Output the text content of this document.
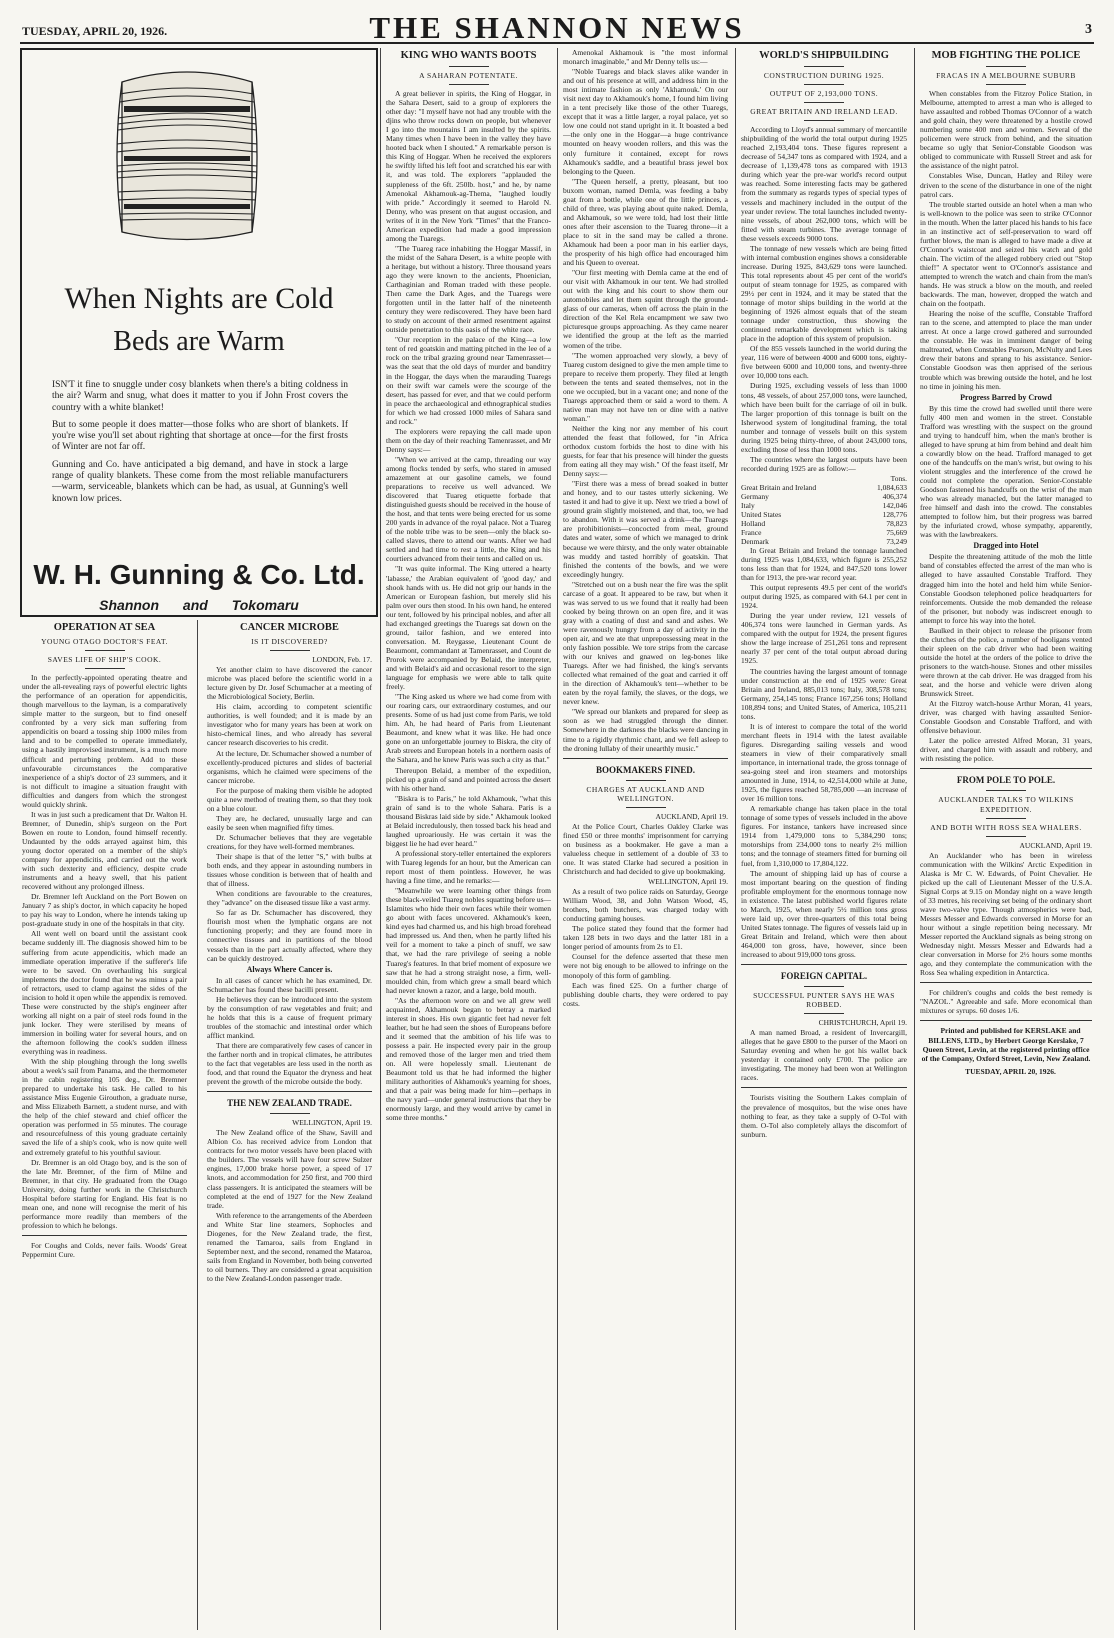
TUESDAY, APRIL 20, 1926.	THE SHANNON NEWS	3
When Nights are Cold
Beds are Warm

ISN'T it fine to snuggle under cosy blankets when there's a biting coldness in the air? Warm and snug, what does it matter to you if John Frost covers the country with a white blanket!

But to some people it does matter—those folks who are short of blankets. If you're wise you'll set about righting that shortage at once—for the first frosts of Winter are not far off.

Gunning and Co. have anticipated a big demand, and have in stock a large range of quality blankets. These come from the most reliable manufacturers—warm, serviceable, blankets which can be had, as usual, at Gunning's well known low prices.

W. H. Gunning & Co. Ltd.
Shannon and Tokomaru
OPERATION AT SEA
YOUNG OTAGO DOCTOR'S FEAT.
SAVES LIFE OF SHIP'S COOK.

In the perfectly-appointed operating theatre and under the all-revealing rays of powerful electric lights the performance of an operation for appendicitis, though marvellous to the layman, is a comparatively simple matter to the surgeon, but to find oneself confronted by a very sick man suffering from appendicitis on board a tossing ship 1000 miles from land and to be compelled to operate immediately, using a hastily improvised instrument, is a much more difficult and perturbing problem. Add to these unfavourable circumstances the comparative inexperience of a ship's doctor of 23 summers, and it is not difficult to imagine a situation fraught with difficulties and dangers from which the strongest would quickly shrink.

It was in just such a predicament that Dr. Walton H. Bremner, of Dunedin, ship's surgeon on the Port Bowen en route to London, found himself recently. Undaunted by the odds arrayed against him, this young doctor operated on a member of the ship's company for appendicitis, and carried out the work with such dexterity and efficiency, despite crude instruments and a heavy swell, that his patient recovered without any prolonged illness.

Dr. Bremner left Auckland on the Port Bowen on January 7 as ship's doctor, in which capacity he hoped to pay his way to London, where he intends taking up post-graduate study in one of the hospitals in that city.

All went well on board until the assistant cook became suddenly ill. The diagnosis showed him to be suffering from acute appendicitis, which made an immediate operation imperative if the sufferer's life were to be saved. On overhauling his surgical implements the doctor found that he was minus a pair of retractors, used to clamp against the sides of the incision to hold it open while the appendix is removed. These were constructed by the ship's engineer after working all night on a pair of steel rods found in the junk locker. They were sterilised by means of immersion in boiling water for several hours, and on the afternoon following the cook's sudden illness everything was in readiness.

With the ship ploughing through the long swells about a week's sail from Panama, and the thermometer in the cabin registering 105 deg., Dr. Bremner prepared to undertake his task. He called to his assistance Miss Eugenie Girouthon, a graduate nurse, and Miss Elizabeth Barnett, a student nurse, and with the help of the chief steward and chief officer the operation was performed in 55 minutes. The courage and resourcefulness of this young graduate certainly saved the life of a ship's cook, who is now quite well and extremely grateful to his youthful saviour.

Dr. Bremner is an old Otago boy, and is the son of the late Mr. Bremner, of the firm of Milne and Bremner, in that city. He graduated from the Otago University, doing further work in the Christchurch Hospital before starting for England. His feat is no mean one, and none will recognise the merit of his performance more readily than members of the profession to which he belongs.

For Coughs and Colds, never fails. Woods' Great Peppermint Cure.

CANCER MICROBE
IS IT DISCOVERED?

LONDON, Feb. 17.

Yet another claim to have discovered the cancer microbe was placed before the scientific world in a lecture given by Dr. Josef Schumacher at a meeting of the Microbiological Society, Berlin.

His claim, according to competent scientific authorities, is well founded; and it is made by an investigator who for many years has been at work on histo-chemical lines, and who already has several cancer research discoveries to his credit.

At the lecture, Dr. Schumacher showed a number of excellently-produced pictures and slides of bacterial organisms, which he claimed were specimens of the cancer microbe.

For the purpose of making them visible he adopted quite a new method of treating them, so that they took on a blue colour.

They are, he declared, unusually large and can easily be seen when magnified fifty times.

Dr. Schumacher believes that they are vegetable creations, for they have well-formed membranes.

Their shape is that of the letter "S," with bulbs at both ends, and they appear in astounding numbers in tissues whose condition is between that of health and that of illness.

When conditions are favourable to the creatures, they "advance" on the diseased tissue like a vast army.

So far as Dr. Schumacher has discovered, they flourish most when the lymphatic organs are not functioning properly; and they are found more in connective tissues and in partitions of the blood vessels than in the part actually affected, where they can be quickly destroyed.

Always Where Cancer is.

In all cases of cancer which he has examined, Dr. Schumacher has found these bacilli present.

He believes they can be introduced into the system by the consumption of raw vegetables and fruit; and he holds that this is a cause of frequent primary troubles of the stomachic and intestinal order which afflict mankind.

That there are comparatively few cases of cancer in the farther north and in tropical climates, he attributes to the fact that vegetables are less used in the north as food, and that round the Equator the dryness and heat prevent the growth of the microbe outside the body.

THE NEW ZEALAND TRADE.

WELLINGTON, April 19.

The New Zealand office of the Shaw, Savill and Albion Co. has received advice from London that contracts for two motor vessels have been placed with the builders. The vessels will have four screw Sulzer engines, 17,000 brake horse power, a speed of 17 knots, and accommodation for 250 first, and 700 third class passengers. It is anticipated the steamers will be completed at the end of 1927 for the New Zealand trade.

With reference to the arrangements of the Aberdeen and White Star line steamers, Sophocles and Diogenes, for the New Zealand trade, the first, renamed the Tamaroa, sails from England in September next, and the second, renamed the Mataroa, sails from England in November, both being converted to oil burners. They are considered a great acquisition to the New Zealand-London passenger trade.

KING WHO WANTS BOOTS
A SAHARAN POTENTATE.

A great believer in spirits, the King of Hoggar, in the Sahara Desert, said to a group of explorers the other day: "I myself have not had any trouble with the djins who throw rocks down on people, but whenever I go into the mountains I am insulted by the spirits. Many times when I have been in the valley they have hooted back when I shouted." A remarkable person is this King of Hoggar. When he received the explorers he swiftly lifted his left foot and scratched his ear with it, and was told. The explorers "applauded the suppleness of the 6ft. 250lb. host," and he, by name Amenokal Akhamouk-ag-Thema, "laughed loudly with pride." Accordingly it seemed to Harold N. Denny, who was present on that august occasion, and writes of it in the New York "Times" that the Franco-American expedition had made a good impression among the Tuaregs.

"The Tuareg race inhabiting the Hoggar Massif, in the midst of the Sahara Desert, is a white people with a heritage, but without a history. Three thousand years ago they were known to the ancients, Phoenician, Carthaginian and Roman traded with these people. Then came the Dark Ages, and the Tuaregs were forgotten until in the latter half of the nineteenth century they were rediscovered. They have been hard to study on account of their armed resentment against outside penetration to this oasis of the white race.

"Our reception in the palace of the King—a low tent of red goatskin and matting pitched in the lee of a rock on the tribal grazing ground near Tamenrasset—was the seat that the old days of murder and banditry in the Hoggar, the days when the marauding Tuaregs on their swift war camels were the scourge of the desert, has passed for ever, and that we could perform in peace the archaeological and ethnographical studies for which we had crossed 1000 miles of Sahara sand and rock."

The explorers were repaying the call made upon them on the day of their reaching Tamenrasset, and Mr Denny says:—

"When we arrived at the camp, threading our way among flocks tended by serfs, who stared in amused amazement at our gasoline camels, we found preparations to receive us well advanced. We discovered that Tuareg etiquette forbade that distinguished guests should be received in the house of the host, and that tents were being erected for us some 200 yards in advance of the royal palace. Not a Tuareg of the noble tribe was to be seen—only the black so-called slaves, there to attend our wants. After we had settled and had time to rest a little, the King and his courtiers advanced from their tents and called on us.

"It was quite informal. The King uttered a hearty 'labasse,' the Arabian equivalent of 'good day,' and shook hands with us. He did not grip our hands in the American or European fashion, but merely slid his palm over ours then stood. In his own hand, he entered our tent, followed by his principal nobles, and after all had exchanged greetings the Tuaregs sat down on the ground, tailor fashion, and we entered into conversation. M. Reygasse, Lieutenant Count de Beaumont, commandant at Tamenrasset, and Count de Prorok were accompanied by Belaid, the interpreter, and with Belaid's aid and occasional resort to the sign language for emphasis we were able to talk quite freely.

"The King asked us where we had come from with our roaring cars, our extraordinary costumes, and our presents. Some of us had just come from Paris, we told him. Ah, he had heard of Paris from Lieutenant Beaumont, and knew what it was like. He had once gone on an unforgettable journey to Biskra, the city of Arab streets and European hotels in a northern oasis of the Sahara, and he knew Paris was such a city as that."

Thereupon Belaid, a member of the expedition, picked up a grain of sand and pointed across the desert with his other hand.

"Biskra is to Paris," he told Akhamouk, "what this grain of sand is to the whole Sahara. Paris is a thousand Biskras laid side by side." Akhamouk looked at Belaid incredulously, then tossed back his head and laughed uproariously. He was certain it was the biggest lie he had ever heard."

A professional story-teller entertained the explorers with Tuareg legends for an hour, but the American can report most of them pointless. However, he was having a fine time, and he remarks:—

"Meanwhile we were learning other things from these black-veiled Tuareg nobles squatting before us—Islamites who hide their own faces while their women go about with faces uncovered. Akhamouk's keen, kind eyes had charmed us, and his high broad forehead had impressed us. And then, when he partly lifted his veil for a moment to take a pinch of snuff, we saw that, we had the rare privilege of seeing a noble Tuareg's features. In that brief moment of exposure we saw that he had a strong straight nose, a firm, well-moulded chin, from which grew a small beard which had never known a razor, and a large, bold mouth.

"As the afternoon wore on and we all grew well acquainted, Akhamouk began to betray a marked interest in shoes. His own gigantic feet had never felt leather, but he had seen the shoes of Europeans before and it seemed that the ambition of his life was to possess a pair. He inspected every pair in the group and removed those of the larger men and tried them on. All were hopelessly small. Lieutenant de Beaumont told us that he had informed the higher military authorities of Akhamouk's yearning for shoes, and that a pair was being made for him—perhaps in the navy yard—under general instructions that they be enormously large, and they would arrive by camel in some three months."

Amenokal Akhamouk is "the most informal monarch imaginable," and Mr Denny tells us:—

"Noble Tuaregs and black slaves alike wander in and out of his presence at will, and address him in the most intimate fashion as only 'Akhamouk.' On our visit next day to Akhamouk's home, I found him living in a tent precisely like those of the other Tuaregs, except that it was a little larger, a royal palace, yet so low one could not stand upright in it. It boasted a bed—the only one in the Hoggar—a huge contrivance mounted on heavy wooden rollers, and this was the only furniture it contained, except for rows Akhamouk's saddle, and a beautiful brass jewel box belonging to the Queen.

"The Queen herself, a pretty, pleasant, but too buxom woman, named Demla, was feeding a baby goat from a bottle, while one of the little princes, a child of three, was playing about quite naked. Demla, and Akhamouk, so we were told, had lost their little ones after their ascension to the Tuareg throne—it a place to sit in the sand may be called a throne. Akhamouk had been a poor man in his earlier days, the prosperity of his high office had encouraged him and his Queen to overeat.

"Our first meeting with Demla came at the end of our visit with Akhamouk in our tent. We had strolled out with the king and his court to show them our automobiles and let them squint through the ground-glass of our cameras, when off across the plain in the direction of the Kel Rela encampment we saw two picturesque groups approaching. As they came nearer we identified the group at the left as the married women of the tribe.

"The women approached very slowly, a bevy of Tuareg custom designed to give the men ample time to prepare to receive them properly. They filed at length between the tents and seated themselves, not in the one we occupied, but in a vacant one; and none of the Tuaregs approached them or said a word to them. A native man may not have ten or dine with a native woman."

Neither the king nor any member of his court attended the feast that followed, for "in Africa orthodox custom forbids the host to dine with his guests, for fear that his presence will hinder the guests from eating all they may wish." Of the feast itself, Mr Denny says:—

"First there was a mess of bread soaked in butter and honey, and to our tastes utterly sickening. We tasted it and had to give it up. Next we tried a bowl of ground grain slightly moistened, and that, too, we had to abandon. With it was served a drink—the Tuaregs are prohibitionists—concocted from meal, ground dates and water, some of which we managed to drink because we were thirsty, and the only water obtainable was muddy and tasted horribly of goatskin. That finished the contents of the bowls, and we were exceedingly hungry.

"Stretched out on a bush near the fire was the split carcase of a goat. It appeared to be raw, but when it was was served to us we found that it really had been cooked by being thrown on an open fire, and it was gray with a coating of dust and sand and ashes. We were ravenously hungry from a day of activity in the open air, and we ate that unprepossessing meat in the only fashion possible. We tore strips from the carcase with our knives and gnawed on leg-bones like Tuaregs. After we had finished, the king's servants collected what remained of the goat and carried it off in the direction of Akhamouk's tent—whether to be eaten by the royal family, the slaves, or the dogs, we never knew.

"We spread our blankets and prepared for sleep as soon as we had struggled through the dinner. Somewhere in the darkness the blacks were dancing in time to a rigidly rhythmic chant, and we fell asleep to the droning lullaby of their unearthly music."

BOOKMAKERS FINED.
CHARGES AT AUCKLAND AND WELLINGTON.

AUCKLAND, April 19.

At the Police Court, Charles Oakley Clarke was fined £50 or three months' imprisonment for carrying on business as a bookmaker. He gave a man a valueless cheque in settlement of a double of 33 to one. It was stated Clarke had secured a position in Christchurch and had decided to give up bookmaking.

WELLINGTON, April 19.

As a result of two police raids on Saturday, George William Wood, 38, and John Watson Wood, 45, brothers, both butchers, was charged today with conducting gaming houses.

The police stated they found that the former had taken 128 bets in two days and the latter 181 in a longer period of amounts from 2s to £1.

Counsel for the defence asserted that these men were not big enough to be allowed to infringe on the monopoly of this form of gambling.

Each was fined £25. On a further charge of publishing double charts, they were ordered to pay costs.

WORLD'S SHIPBUILDING
CONSTRUCTION DURING 1925.
OUTPUT OF 2,193,000 TONS.
GREAT BRITAIN AND IRELAND LEAD.

According to Lloyd's annual summary of mercantile shipbuilding of the world the total output during 1925 reached 2,193,404 tons. These figures represent a decrease of 54,347 tons as compared with 1924, and a decrease of 1,139,478 tons as compared with 1913 during which year the pre-war world's record output was reached. Some interesting facts may be gathered from the summary as regards types of special types of vessels and machinery included in the output of the year under review. The total launches included twenty-nine vessels, of about 262,000 tons, which will be fitted with steam turbines. The average tonnage of these vessels exceeds 9000 tons.

The tonnage of new vessels which are being fitted with internal combustion engines shows a considerable increase. During 1925, 843,629 tons were launched. This total represents about 45 per cent of the world's output of steam tonnage for 1925, as compared with 29½ per cent in 1924, and it may be stated that the tonnage of motor ships building in the world at the beginning of 1926 almost equals that of the steam tonnage under construction, thus showing the continued remarkable development which is taking place in the adoption of this system of propulsion.

Of the 855 vessels launched in the world during the year, 116 were of between 4000 and 6000 tons, eighty-five between 6000 and 10,000 tons, and twenty-three over 10,000 tons each.

During 1925, excluding vessels of less than 1000 tons, 48 vessels, of about 257,000 tons, were launched, which have been built for the carriage of oil in bulk. The larger proportion of this tonnage is built on the Isherwood system of longitudinal framing, the total number and tonnage of vessels built on this system during 1925 being thirty-three, of about 243,000 tons, excluding those of less than 1000 tons.

The countries where the largest outputs have been recorded during 1925 are as follow:—

	Tons.
Great Britain and Ireland	1,084,633
Germany	406,374
Italy	142,046
United States	128,776
Holland	78,823
France	75,669
Denmark	73,249

In Great Britain and Ireland the tonnage launched during 1925 was 1,084,633, which figure is 255,252 tons less than that for 1924, and 847,520 tons lower than for 1913, the pre-war record year.

This output represents 49.5 per cent of the world's output during 1925, as compared with 64.1 per cent in 1924.

During the year under review, 121 vessels of 406,374 tons were launched in German yards. As compared with the output for 1924, the present figures show the large increase of 251,261 tons and represent nearly 37 per cent of the total output abroad during 1925.

The countries having the largest amount of tonnage under construction at the end of 1925 were: Great Britain and Ireland, 885,013 tons; Italy, 308,578 tons; Germany, 254,145 tons; France 167,256 tons; Holland 108,894 tons; and United States, of America, 105,211 tons.

It is of interest to compare the total of the world merchant fleets in 1914 with the latest available figures. Disregarding sailing vessels and wood steamers in view of their comparatively small importance, in international trade, the gross tonnage of sea-going steel and iron steamers and motorships amounted in June, 1914, to 42,514,000 while at June, 1925, the figures reached 58,785,000 —an increase of over 16 million tons.

A remarkable change has taken place in the total tonnage of some types of vessels included in the above figures. For instance, tankers have increased since 1914 from 1,479,000 tons to 5,384,290 tons; motorships from 234,000 tons to nearly 2½ million tons; and the tonnage of steamers fitted for burning oil fuel, from 1,310,000 to 17,804,122.

The amount of shipping laid up has of course a most important bearing on the question of finding profitable employment for the enormous tonnage now in existence. The latest published world figures relate to March, 1925, when nearly 5½ million tons gross were laid up, over three-quarters of this total being United States tonnage. The figures of vessels laid up in Great Britain and Ireland, which were then about 464,000 ton gross, have, however, since been increased to about 919,000 tons gross.

FOREIGN CAPITAL.
SUCCESSFUL PUNTER SAYS HE WAS ROBBED.

CHRISTCHURCH, April 19.

A man named Broad, a resident of Invercargill, alleges that he gave £800 to the purser of the Maori on Saturday evening and when he got his wallet back yesterday it contained only £700. The police are investigating. The money had been won at Wellington races.

Tourists visiting the Southern Lakes complain of the prevalence of mosquitos, but the wise ones have nothing to fear, as they take a supply of O-Tol with them. O-Tol also completely allays the discomfort of sunburn.

MOB FIGHTING THE POLICE
FRACAS IN A MELBOURNE SUBURB

When constables from the Fitzroy Police Station, in Melbourne, attempted to arrest a man who is alleged to have assaulted and robbed Thomas O'Connor of a watch and gold chain, they were threatened by a hostile crowd numbering some 400 men and women. Several of the policemen were struck from behind, and the situation became so ugly that Senior-Constable Goodson was obliged to communicate with Russell Street and ask for the assistance of the night patrol.

Constables Wise, Duncan, Hatley and Riley were driven to the scene of the disturbance in one of the night patrol cars.

The trouble started outside an hotel when a man who is well-known to the police was seen to strike O'Connor in the mouth. When the latter placed his hands to his face in an instinctive act of self-preservation to ward off further blows, the man is alleged to have made a dive at O'Connor's waistcoat and seized his watch and gold chain. The victim of the alleged robbery cried out "Stop thief!" A spectator went to O'Connor's assistance and attempted to wrench the watch and chain from the man's hands. He was struck a blow on the mouth, and reeled backwards. The man, however, dropped the watch and chain on the footpath.

Hearing the noise of the scuffle, Constable Trafford ran to the scene, and attempted to place the man under arrest. At once a large crowd gathered and surrounded the constable. He was in imminent danger of being maltreated, when Constables Pearson, McNulty and Lees drew their batons and sprang to his assistance. Senior-Constable Goodson was then apprised of the serious trouble which was brewing outside the hotel, and he lost no time in joining his men.

Progress Barred by Crowd

By this time the crowd had swelled until there were fully 400 men and women in the street. Constable Trafford was wrestling with the suspect on the ground and trying to handcuff him, when the man's brother is alleged to have sprung at him from behind and dealt him a cowardly blow on the head. Trafford managed to get one of the handcuffs on the man's wrist, but owing to his violent struggles and the interference of the crowd he could not complete the operation. Senior-Constable Goodson fastened his handcuffs on the wrist of the man who was already manacled, but the latter managed to free himself and dash into the crowd. The constables attempted to follow him, but their progress was barred by the infuriated crowd, whose sympathy, apparently, was with the lawbreakers.

Dragged into Hotel

Despite the threatening attitude of the mob the little band of constables effected the arrest of the man who is alleged to have assaulted Constable Trafford. They dragged him into the hotel and held him while Senior-Constable Goodson telephoned police headquarters for reinforcements. Outside the mob demanded the release of the prisoner, but nobody was indiscreet enough to attempt to force his way into the hotel.

Baulked in their object to release the prisoner from the clutches of the police, a number of hooligans vented their spleen on the cab driver who had been waiting outside the hotel at the orders of the police to drive the prisoners to the watch-house. Stones and other missiles were thrown at the cab driver. He was dragged from his seat, and the horse and vehicle were driven along Brunswick Street.

At the Fitzroy watch-house Arthur Moran, 41 years, driver, was charged with having assaulted Senior-Constable Goodson and Constable Trafford, and with offensive behaviour.

Later the police arrested Alfred Moran, 31 years, driver, and charged him with assault and robbery, and with resisting the police.

FROM POLE TO POLE.
AUCKLANDER TALKS TO WILKINS EXPEDITION.
AND BOTH WITH ROSS SEA WHALERS.

AUCKLAND, April 19.

An Aucklander who has been in wireless communication with the Wilkins' Arctic Expedition in Alaska is Mr C. W. Edwards, of Point Chevalier. He picked up the call of Lieutenant Messer of the U.S.A. Signal Corps at 9.15 on Monday night on a wave length of 33 metres, his receiving set being of the ordinary short wave two-valve type. Though atmospherics were bad, Messrs Messer and Edwards conversed in Morse for an hour without a single repetition being necessary. Mr Messer reported the Auckland signals as being strong on Wednesday night. Messrs Messer and Edwards had a clear conversation in Morse for 2½ hours some months ago, and they contemplate the communication with the Ross Sea whaling expedition in Antarctica.

For children's coughs and colds the best remedy is "NAZOL." Agreeable and safe. More economical than mixtures or syrups. 60 doses 1/6.

Printed and published for KERSLAKE and BILLENS, LTD., by Herbert George Kerslake, 7 Queen Street, Levin, at the registered printing office of the Company, Oxford Street, Levin, New Zealand.

TUESDAY, APRIL 20, 1926.
